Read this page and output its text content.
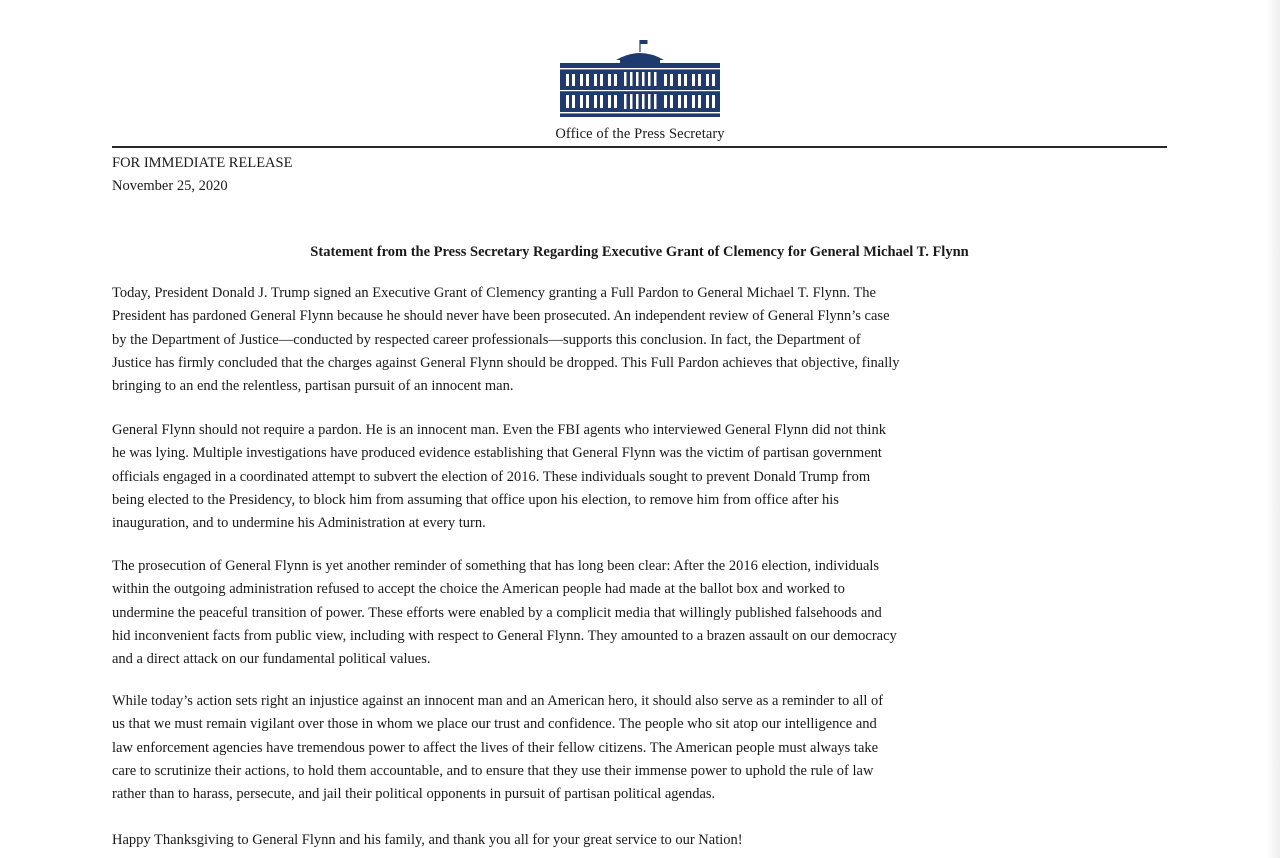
Office of the Press Secretary
FOR IMMEDIATE RELEASE
November 25, 2020
Statement from the Press Secretary Regarding Executive Grant of Clemency for General Michael T. Flynn
Today, President Donald J. Trump signed an Executive Grant of Clemency granting a Full Pardon to General Michael T. Flynn. The
President has pardoned General Flynn because he should never have been prosecuted. An independent review of General Flynn’s case
by the Department of Justice—conducted by respected career professionals—supports this conclusion. In fact, the Department of
Justice has firmly concluded that the charges against General Flynn should be dropped. This Full Pardon achieves that objective, finally
bringing to an end the relentless, partisan pursuit of an innocent man.
General Flynn should not require a pardon. He is an innocent man. Even the FBI agents who interviewed General Flynn did not think
he was lying. Multiple investigations have produced evidence establishing that General Flynn was the victim of partisan government
officials engaged in a coordinated attempt to subvert the election of 2016. These individuals sought to prevent Donald Trump from
being elected to the Presidency, to block him from assuming that office upon his election, to remove him from office after his
inauguration, and to undermine his Administration at every turn.
The prosecution of General Flynn is yet another reminder of something that has long been clear: After the 2016 election, individuals
within the outgoing administration refused to accept the choice the American people had made at the ballot box and worked to
undermine the peaceful transition of power. These efforts were enabled by a complicit media that willingly published falsehoods and
hid inconvenient facts from public view, including with respect to General Flynn. They amounted to a brazen assault on our democracy
and a direct attack on our fundamental political values.
While today’s action sets right an injustice against an innocent man and an American hero, it should also serve as a reminder to all of
us that we must remain vigilant over those in whom we place our trust and confidence. The people who sit atop our intelligence and
law enforcement agencies have tremendous power to affect the lives of their fellow citizens. The American people must always take
care to scrutinize their actions, to hold them accountable, and to ensure that they use their immense power to uphold the rule of law
rather than to harass, persecute, and jail their political opponents in pursuit of partisan political agendas.
Happy Thanksgiving to General Flynn and his family, and thank you all for your great service to our Nation!
